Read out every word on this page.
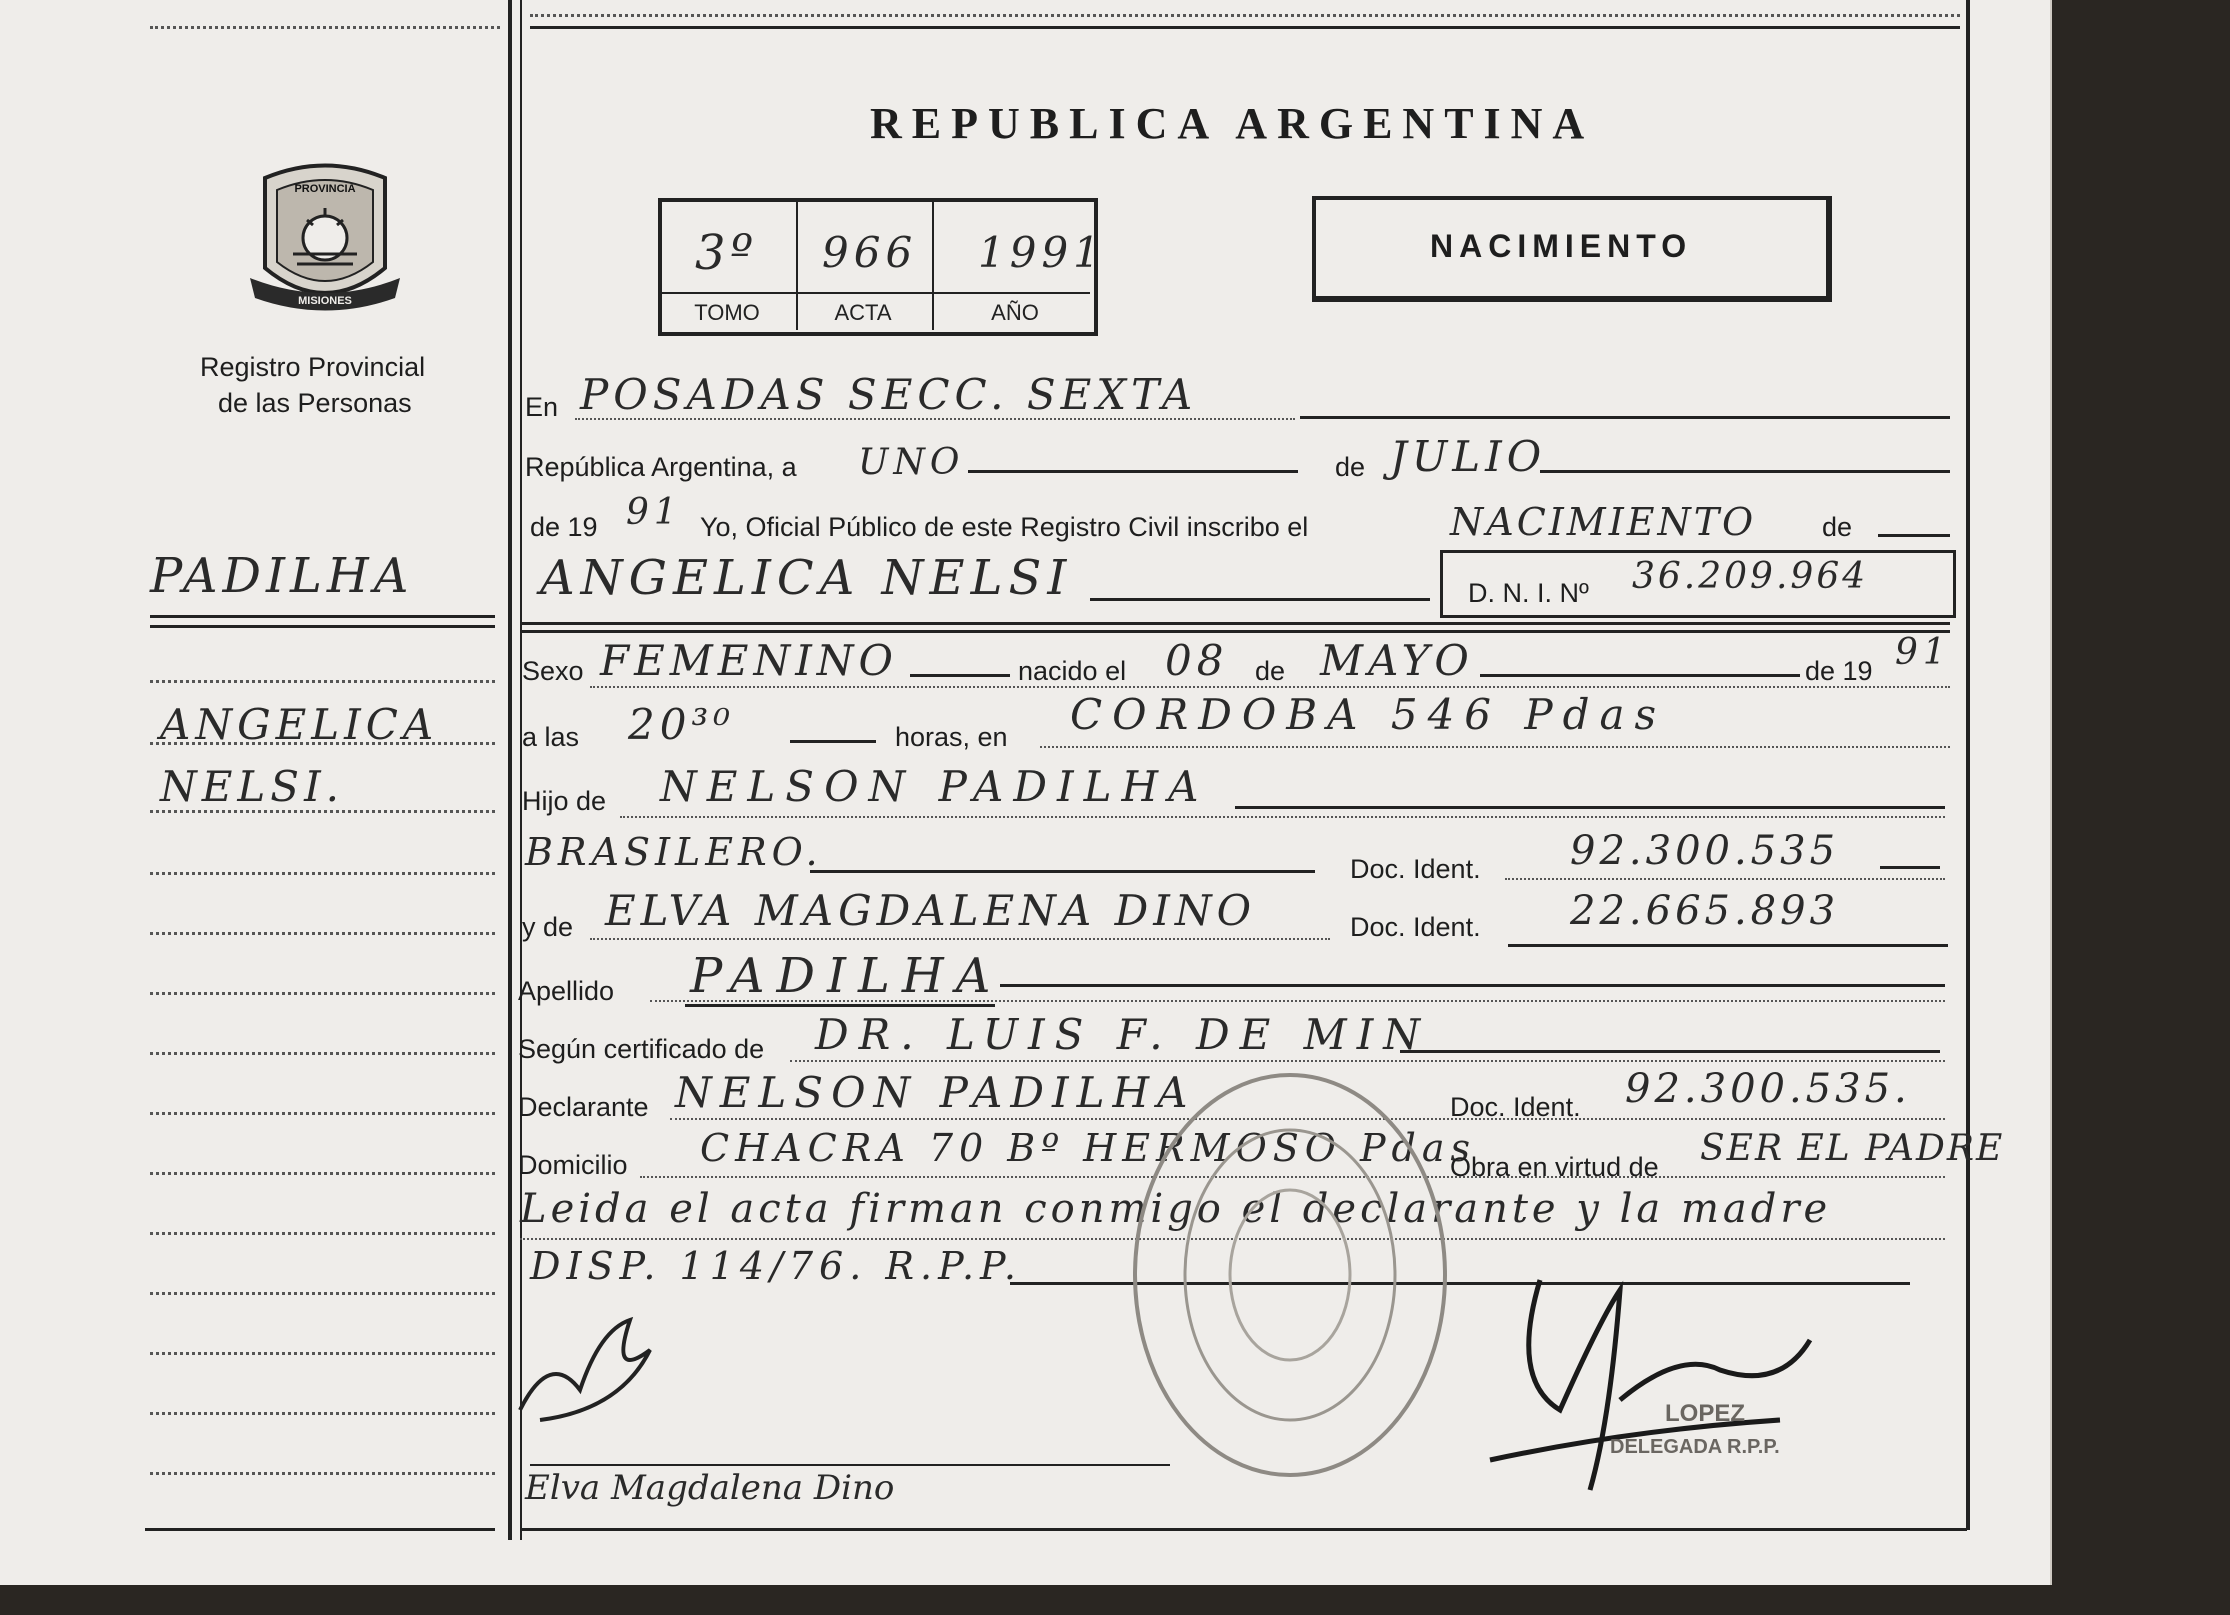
PROVINCIA
MISIONES
Registro Provincial
de las Personas
PADILHA
ANGELICA
NELSI.
REPUBLICA ARGENTINA
3º 966 1991
TOMO	ACTA	AÑO
NACIMIENTO
En POSADAS SECC. SEXTA
República Argentina, a UNO	de JULIO
de 19 91 Yo, Oficial Público de este Registro Civil inscribo el	NACIMIENTO de
ANGELICA NELSI	D. N. I. Nº 36.209.964
Sexo FEMENINO	nacido el 08 de MAYO	de 19 91
a las 20³⁰	horas, en CORDOBA 546 Pdas
Hijo de NELSON PADILHA
BRASILERO.	Doc. Ident. 92.300.535
y de ELVA MAGDALENA DINO	Doc. Ident. 22.665.893
Apellido PADILHA
Según certificado de DR. LUIS F. DE MIN
Declarante NELSON PADILHA	Doc. Ident. 92.300.535.
Domicilio CHACRA 70 Bº HERMOSO Pdas
Obra en virtud de SER EL PADRE
Leida el acta firman conmigo el declarante y la madre
DISP. 114/76. R.P.P.
LOPEZ
DELEGADA R.P.P.
Elva Magdalena Dino
